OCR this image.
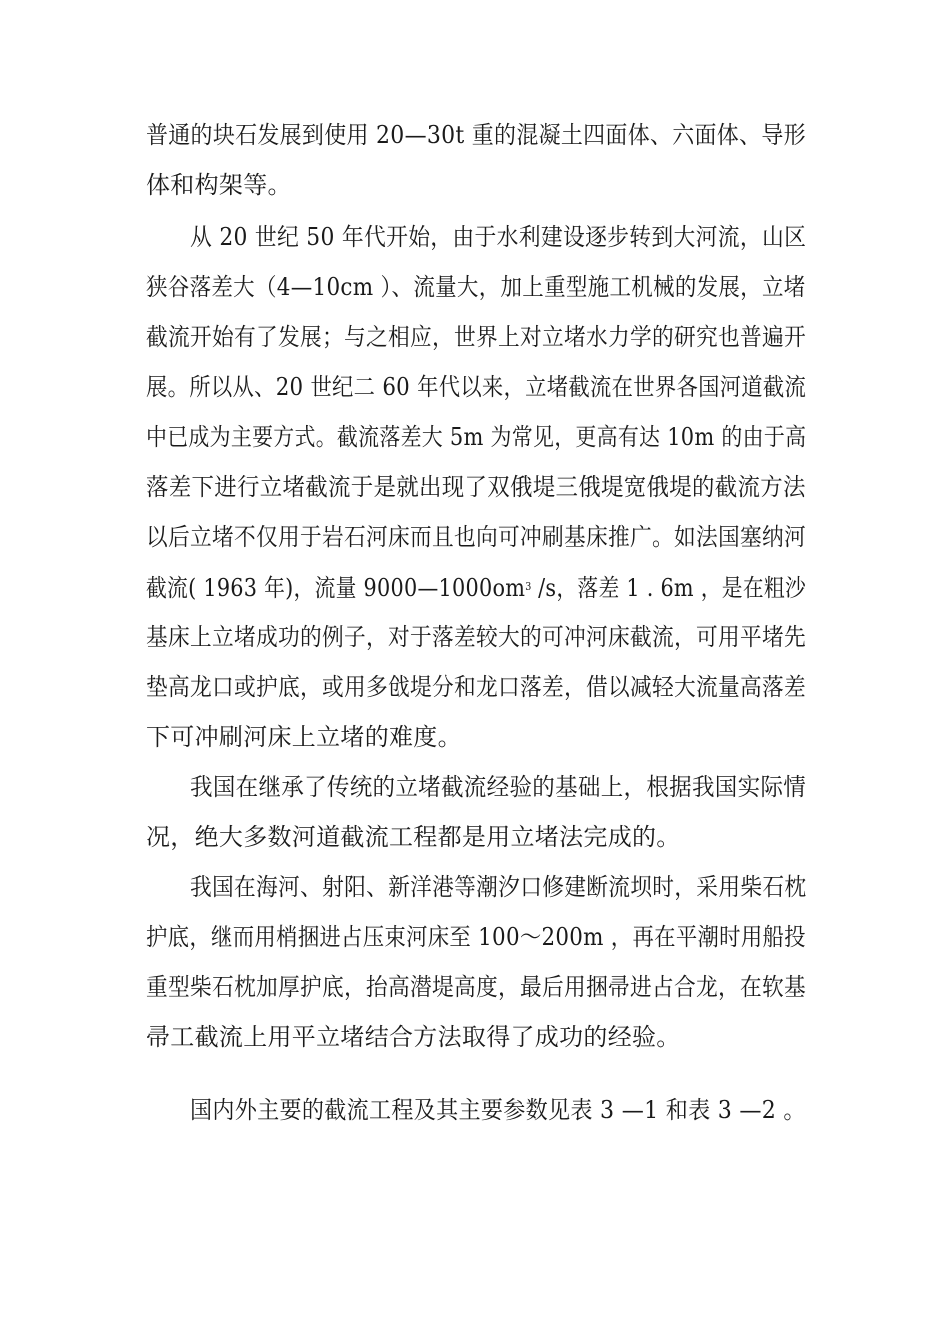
普通的块石发展到使用 20—30t 重的混凝土四面体、六面体、导形
体和构架等。
从 20 世纪 50 年代开始，由于水利建设逐步转到大河流，山区
狭谷落差大（4—10cm ）、流量大，加上重型施工机械的发展，立堵
截流开始有了发展；与之相应，世界上对立堵水力学的研究也普遍开
展。所以从、20 世纪二 60 年代以来，立堵截流在世界各国河道截流
中已成为主要方式。截流落差大 5m 为常见，更高有达 10m 的由于高
落差下进行立堵截流于是就出现了双俄堤三俄堤宽俄堤的截流方法
以后立堵不仅用于岩石河床而且也向可冲刷基床推广。如法国塞纳河
截流( 1963 年)，流量 $9000—1000om^3$ /s，落差 1 . 6m ，是在粗沙
基床上立堵成功的例子，对于落差较大的可冲河床截流，可用平堵先
垫高龙口或护底，或用多戗堤分和龙口落差，借以减轻大流量高落差
下可冲刷河床上立堵的难度。
我国在继承了传统的立堵截流经验的基础上，根据我国实际情
况，绝大多数河道截流工程都是用立堵法完成的。
我国在海河、射阳、新洋港等潮汐口修建断流坝时，采用柴石枕
护底，继而用梢捆进占压束河床至 100～200m ，再在平潮时用船投
重型柴石枕加厚护底，抬高潜堤高度，最后用捆帚进占合龙，在软基
帚工截流上用平立堵结合方法取得了成功的经验。
国内外主要的截流工程及其主要参数见表 3 —1 和表 3 —2 。
